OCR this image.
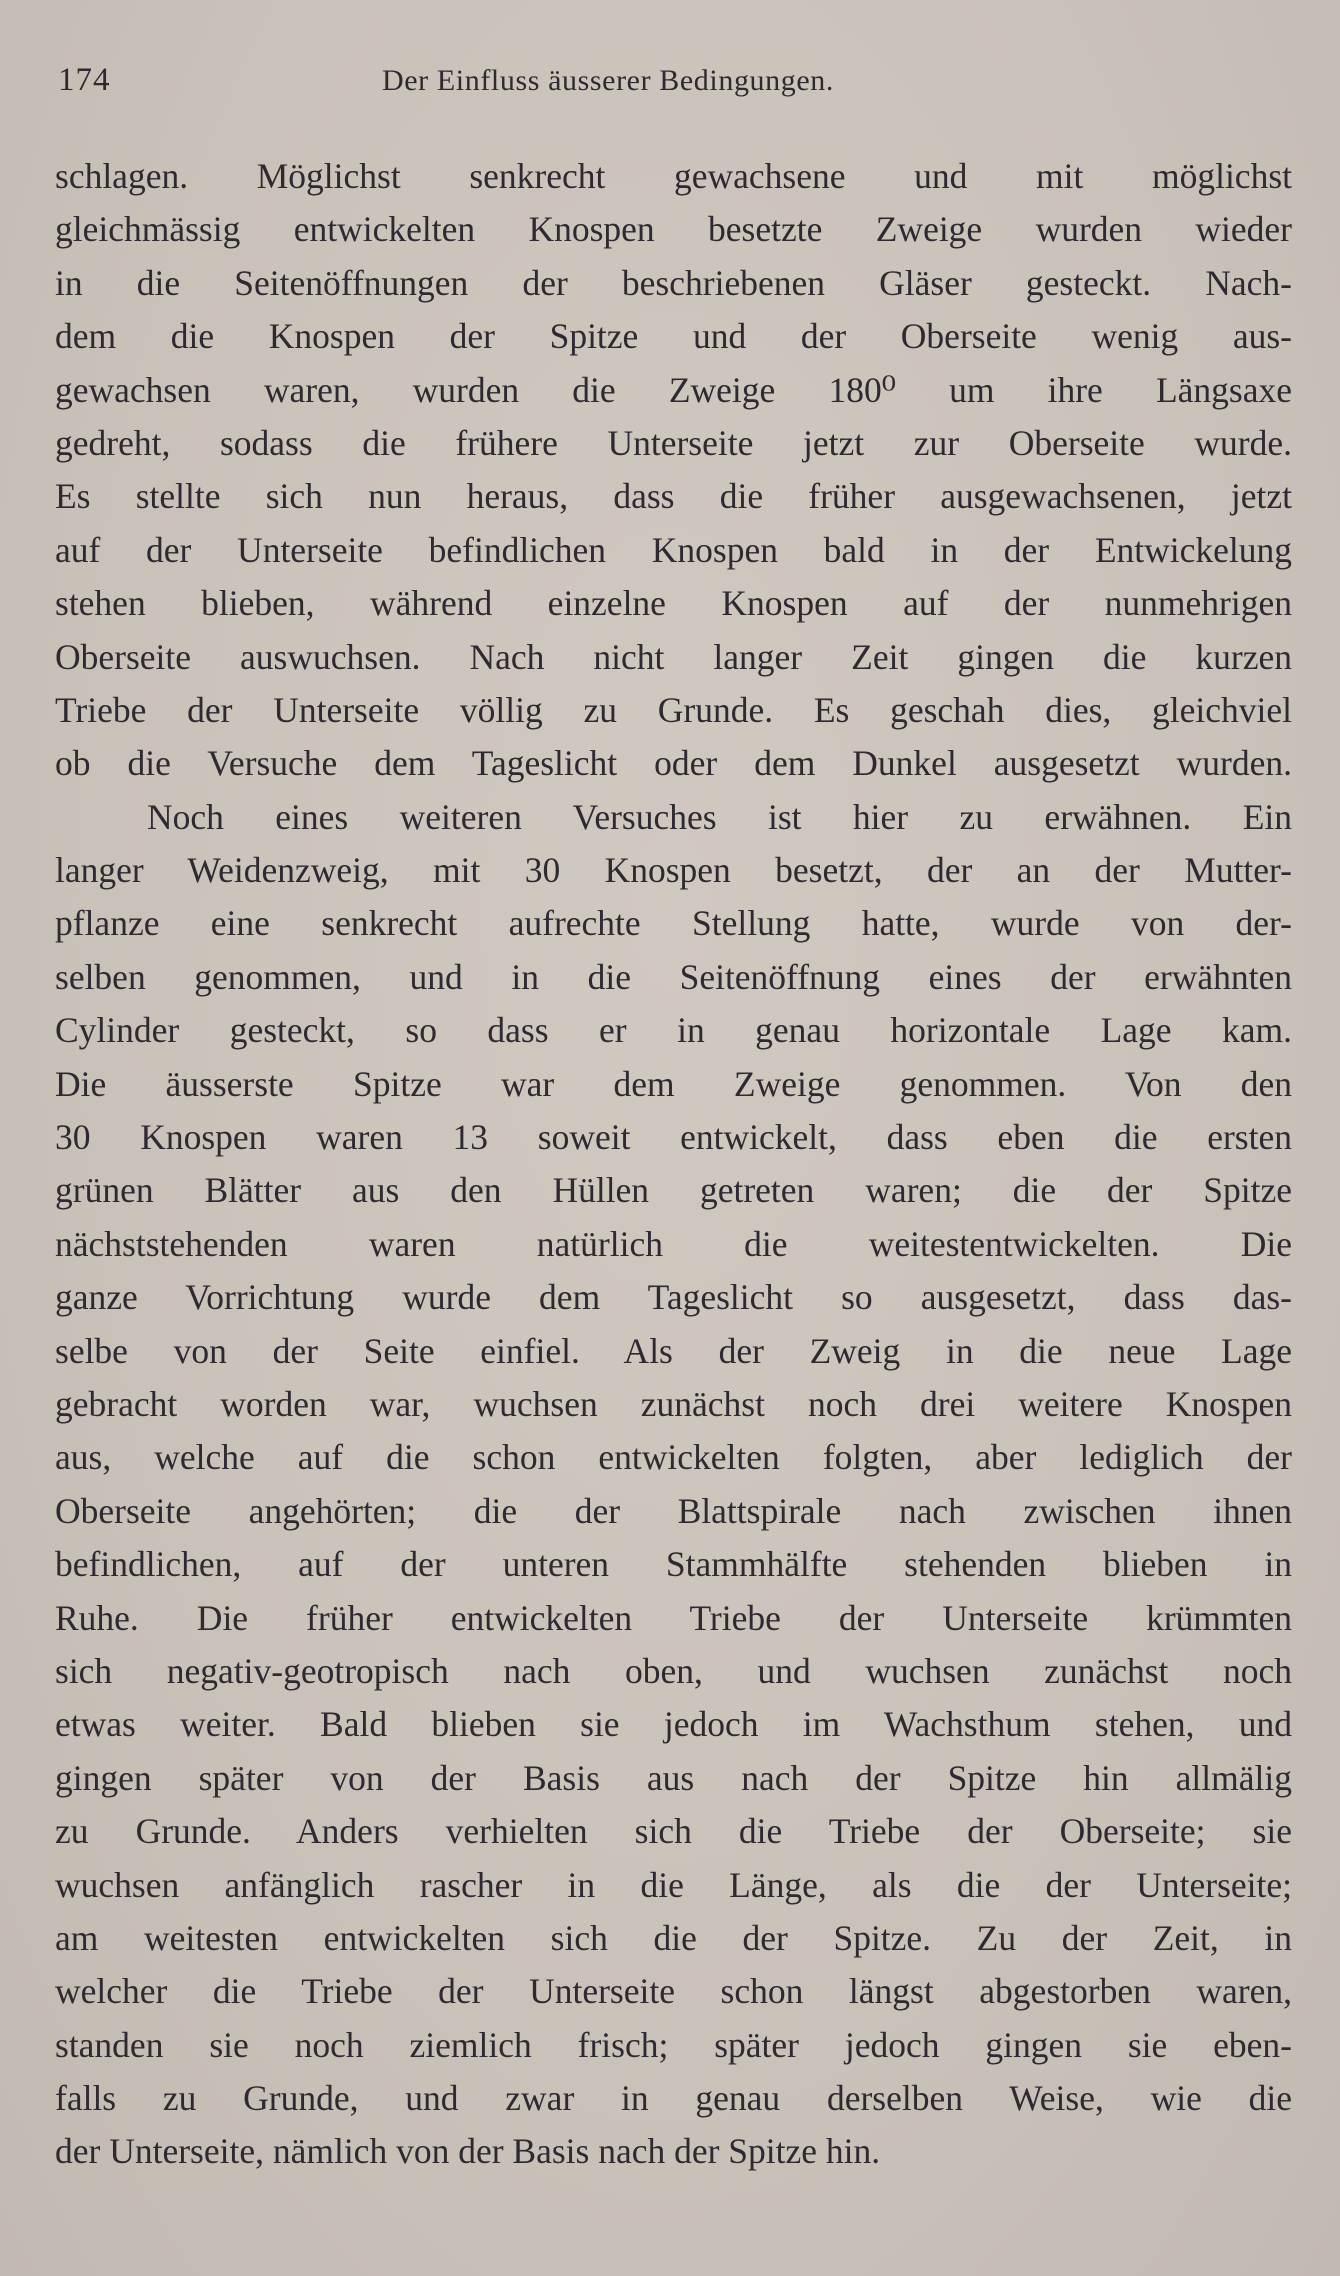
174	Der Einfluss äusserer Bedingungen.
schlagen. Möglichst senkrecht gewachsene und mit möglichst
gleichmässig entwickelten Knospen besetzte Zweige wurden wieder
in die Seitenöffnungen der beschriebenen Gläser gesteckt. Nach-
dem die Knospen der Spitze und der Oberseite wenig aus-
gewachsen waren, wurden die Zweige 180⁰ um ihre Längsaxe
gedreht, sodass die frühere Unterseite jetzt zur Oberseite wurde.
Es stellte sich nun heraus, dass die früher ausgewachsenen, jetzt
auf der Unterseite befindlichen Knospen bald in der Entwickelung
stehen blieben, während einzelne Knospen auf der nunmehrigen
Oberseite auswuchsen. Nach nicht langer Zeit gingen die kurzen
Triebe der Unterseite völlig zu Grunde. Es geschah dies, gleichviel
ob die Versuche dem Tageslicht oder dem Dunkel ausgesetzt wurden.
Noch eines weiteren Versuches ist hier zu erwähnen. Ein
langer Weidenzweig, mit 30 Knospen besetzt, der an der Mutter-
pflanze eine senkrecht aufrechte Stellung hatte, wurde von der-
selben genommen, und in die Seitenöffnung eines der erwähnten
Cylinder gesteckt, so dass er in genau horizontale Lage kam.
Die äusserste Spitze war dem Zweige genommen. Von den
30 Knospen waren 13 soweit entwickelt, dass eben die ersten
grünen Blätter aus den Hüllen getreten waren; die der Spitze
nächststehenden waren natürlich die weitestentwickelten. Die
ganze Vorrichtung wurde dem Tageslicht so ausgesetzt, dass das-
selbe von der Seite einfiel. Als der Zweig in die neue Lage
gebracht worden war, wuchsen zunächst noch drei weitere Knospen
aus, welche auf die schon entwickelten folgten, aber lediglich der
Oberseite angehörten; die der Blattspirale nach zwischen ihnen
befindlichen, auf der unteren Stammhälfte stehenden blieben in
Ruhe. Die früher entwickelten Triebe der Unterseite krümmten
sich negativ-geotropisch nach oben, und wuchsen zunächst noch
etwas weiter. Bald blieben sie jedoch im Wachsthum stehen, und
gingen später von der Basis aus nach der Spitze hin allmälig
zu Grunde. Anders verhielten sich die Triebe der Oberseite; sie
wuchsen anfänglich rascher in die Länge, als die der Unterseite;
am weitesten entwickelten sich die der Spitze. Zu der Zeit, in
welcher die Triebe der Unterseite schon längst abgestorben waren,
standen sie noch ziemlich frisch; später jedoch gingen sie eben-
falls zu Grunde, und zwar in genau derselben Weise, wie die
der Unterseite, nämlich von der Basis nach der Spitze hin.
